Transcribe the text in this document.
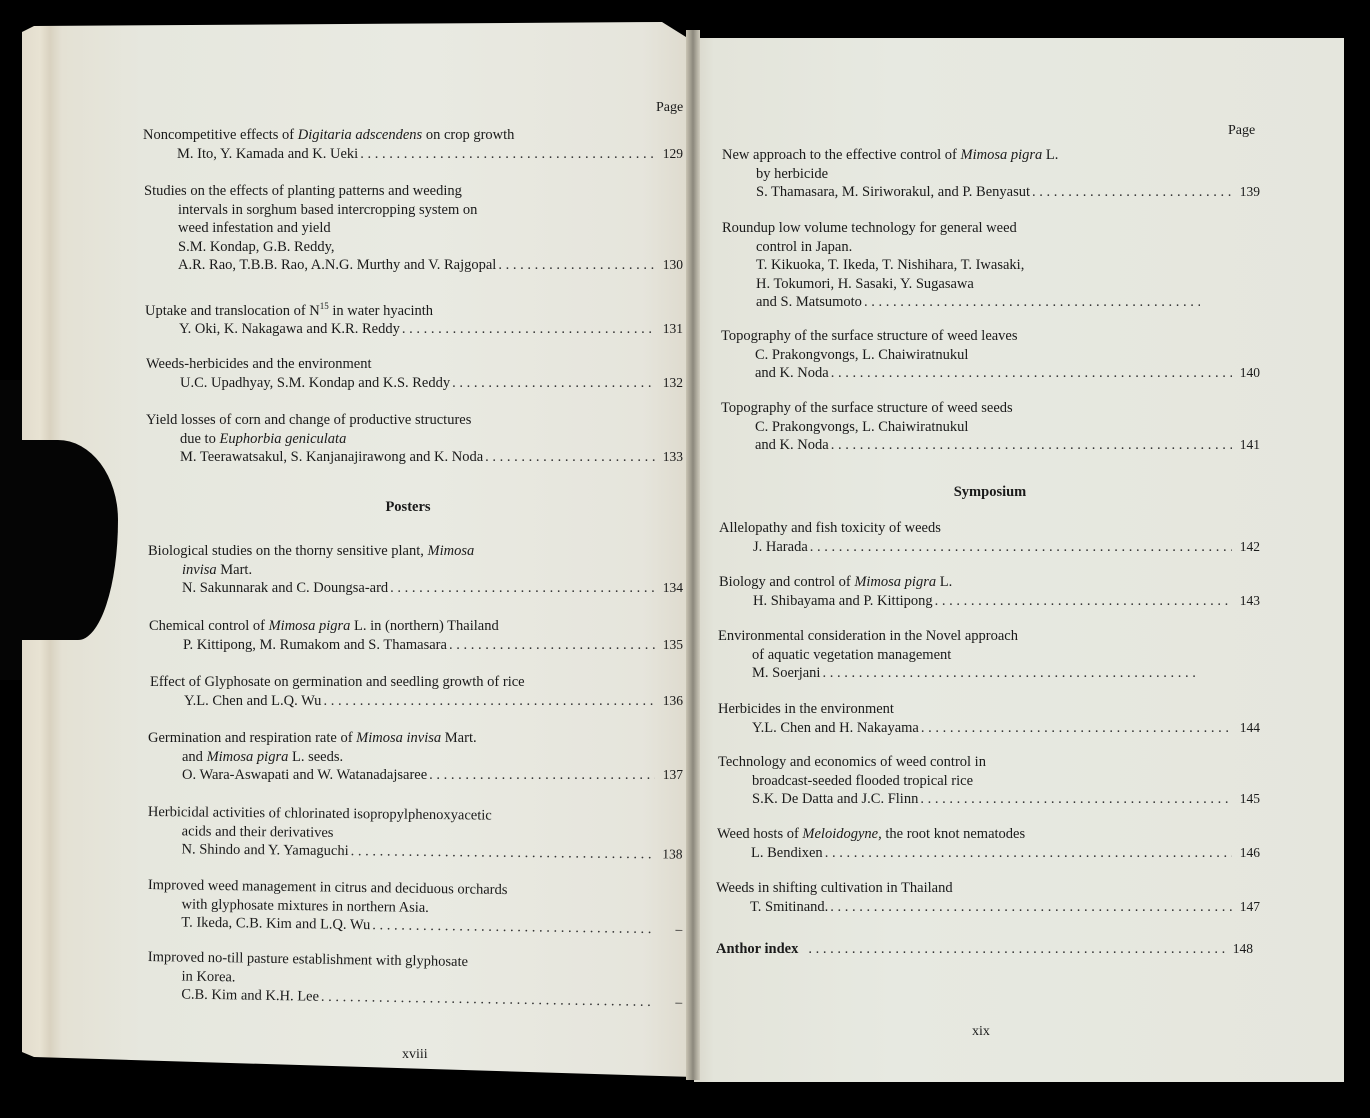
Page
Noncompetitive effects of Digitaria adscendens on crop growth
M. Ito, Y. Kamada and K. Ueki . . .	129
Studies on the effects of planting patterns and weeding
intervals in sorghum based intercropping system on
weed infestation and yield
S.M. Kondap, G.B. Reddy,
A.R. Rao, T.B.B. Rao, A.N.G. Murthy and V. Rajgopal . . .	130
Uptake and translocation of $N^{15}$ in water hyacinth
Y. Oki, K. Nakagawa and K.R. Reddy . . .	131
Weeds-herbicides and the environment
U.C. Upadhyay, S.M. Kondap and K.S. Reddy . . .	132
Yield losses of corn and change of productive structures
due to Euphorbia geniculata
M. Teerawatsakul, S. Kanjanajirawong and K. Noda . . .	133
Posters
Biological studies on the thorny sensitive plant, Mimosa
invisa Mart.
N. Sakunnarak and C. Doungsa-ard . . .	134
Chemical control of Mimosa pigra L. in (northern) Thailand
P. Kittipong, M. Rumakom and S. Thamasara . . .	135
Effect of Glyphosate on germination and seedling growth of rice
Y.L. Chen and L.Q. Wu . . .	136
Germination and respiration rate of Mimosa invisa Mart.
and Mimosa pigra L. seeds.
O. Wara-Aswapati and W. Watanadajsaree . . .	137
Herbicidal activities of chlorinated isopropylphenoxyacetic
acids and their derivatives
N. Shindo and Y. Yamaguchi . . .	138
Improved weed management in citrus and deciduous orchards
with glyphosate mixtures in northern Asia.
T. Ikeda, C.B. Kim and L.Q. Wu . . .	–
Improved no-till pasture establishment with glyphosate
in Korea.
C.B. Kim and K.H. Lee . . .	–
xviii
Page
New approach to the effective control of Mimosa pigra L.
by herbicide
S. Thamasara, M. Siriworakul, and P. Benyasut . . .	139
Roundup low volume technology for general weed
control in Japan.
T. Kikuoka, T. Ikeda, T. Nishihara, T. Iwasaki,
H. Tokumori, H. Sasaki, Y. Sugasawa
and S. Matsumoto
. . .
Topography of the surface structure of weed leaves
C. Prakongvongs, L. Chaiwiratnukul
and K. Noda . . .	140
Topography of the surface structure of weed seeds
C. Prakongvongs, L. Chaiwiratnukul
and K. Noda . . .	141
Symposium
Allelopathy and fish toxicity of weeds
J. Harada . . .	142
Biology and control of Mimosa pigra L.
H. Shibayama and P. Kittipong . . .	143
Environmental consideration in the Novel approach
of aquatic vegetation management
M. Soerjani
. . .
Herbicides in the environment
Y.L. Chen and H. Nakayama . . .	144
Technology and economics of weed control in
broadcast-seeded flooded tropical rice
S.K. De Datta and J.C. Flinn . . .	145
Weed hosts of Meloidogyne, the root knot nematodes
L. Bendixen . . .	146
Weeds in shifting cultivation in Thailand
T. Smitinand. . . .	147
Anthor index . . .	148
xix
